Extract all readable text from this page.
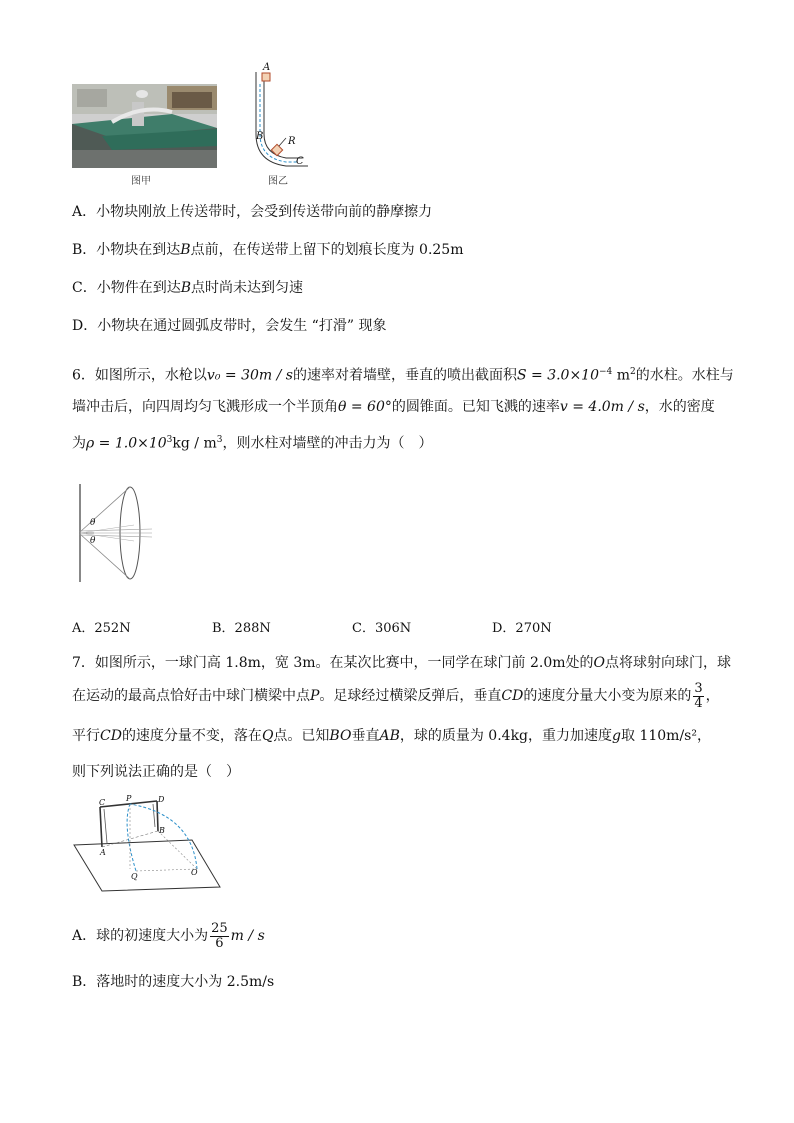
图甲
A
B R
C
图乙
A．小物块刚放上传送带时，会受到传送带向前的静摩擦力
B．小物块在到达B点前，在传送带上留下的划痕长度为 0.25m
C．小物件在到达B点时尚未达到匀速
D．小物块在通过圆弧皮带时，会发生 “打滑” 现象
6．如图所示，水枪以v₀ = 30m / s的速率对着墙壁，垂直的喷出截面积$S = 3.0\times 10^{-4}$ $m^2$的水柱。水柱与
墙冲击后，向四周均匀飞溅形成一个半顶角θ = 60°的圆锥面。已知飞溅的速率v = 4.0m / s，水的密度
为$\rho = 1.0\times 10^3kg / m^3$，则水柱对墙壁的冲击力为（　）
θ
θ
A．252N	B．288N	C．306N	D．270N
7．如图所示，一球门高 1.8m，宽 3m。在某次比赛中，一同学在球门前 2.0m处的O点将球射向球门，球
在运动的最高点恰好击中球门横梁中点P。足球经过横梁反弹后，垂直CD的速度分量大小变为原来的 $\frac{3}{4}$ ，
平行CD的速度分量不变，落在Q点。已知BO垂直AB，球的质量为 0.4kg，重力加速度g取 110m/s²，
则下列说法正确的是（　）
C	P	D
B
A
Q	O
A．球的初速度大小为 $\frac{25}{6}$ m / s
B．落地时的速度大小为 2.5m/s
